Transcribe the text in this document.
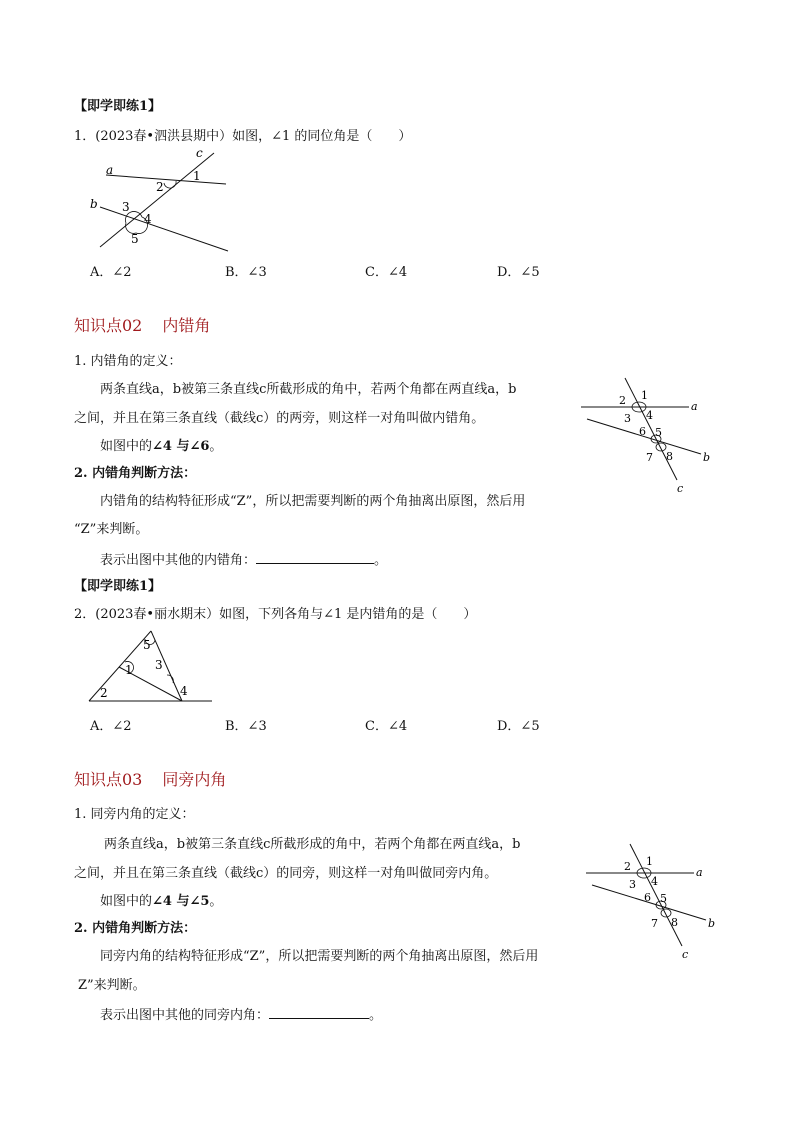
【即学即练1】
1．(2023春•泗洪县期中）如图，∠1 的同位角是（　　）
a
b
c
1
2
3
4
5
A．∠2	B．∠3	C．∠4	D．∠5
知识点02 内错角
1. 内错角的定义：
两条直线a，b被第三条直线c所截形成的角中，若两个角都在两直线a，b
之间，并且在第三条直线（截线c）的两旁，则这样一对角叫做内错角。
如图中的∠4 与∠6。
2. 内错角判断方法：
内错角的结构特征形成“Z”，所以把需要判断的两个角抽离出原图，然后用
“Z”来判断。
表示出图中其他的内错角：	。
a
b
c
1
2
3 4
5
6
7 8
【即学即练1】
2．(2023春•丽水期末）如图，下列各角与∠1 是内错角的是（　　）
5
1 3
2	4
A．∠2	B．∠3	C．∠4	D．∠5
知识点03 同旁内角
1. 同旁内角的定义：
两条直线a，b被第三条直线c所截形成的角中，若两个角都在两直线a，b
之间，并且在第三条直线（截线c）的同旁，则这样一对角叫做同旁内角。
如图中的∠4 与∠5。
2. 内错角判断方法：
同旁内角的结构特征形成“Z”，所以把需要判断的两个角抽离出原图，然后用
Z”来判断。
表示出图中其他的同旁内角：	。
a
b
c
1
2
3 4
5
6
7 8
